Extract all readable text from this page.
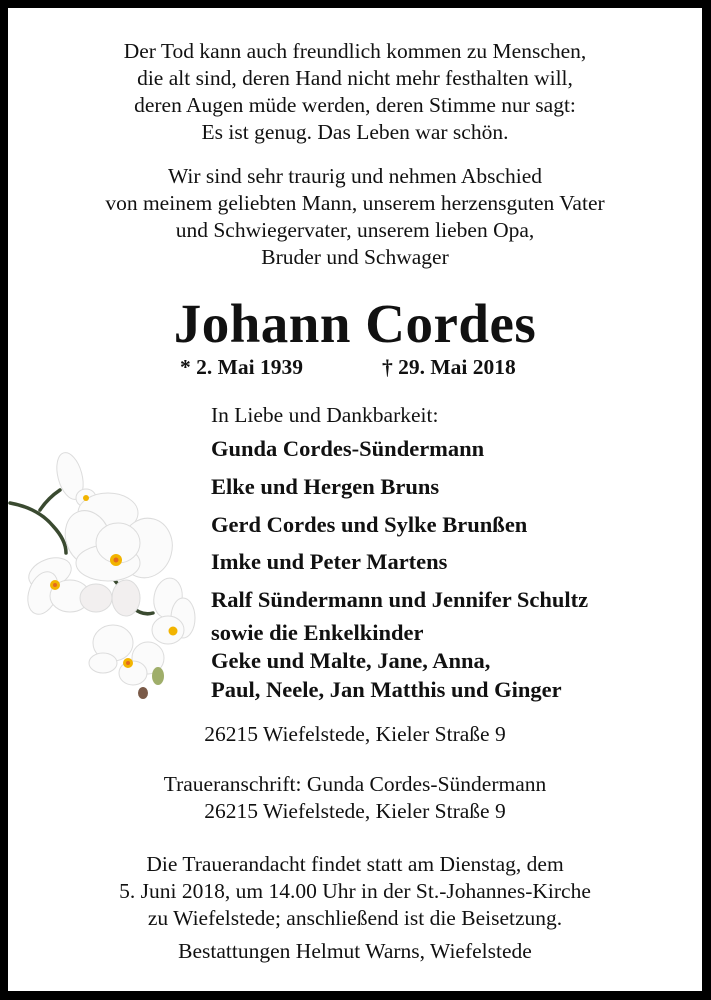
Der Tod kann auch freundlich kommen zu Menschen,
die alt sind, deren Hand nicht mehr festhalten will,
deren Augen müde werden, deren Stimme nur sagt:
Es ist genug. Das Leben war schön.
Wir sind sehr traurig und nehmen Abschied
von meinem geliebten Mann, unserem herzensguten Vater
und Schwiegervater, unserem lieben Opa,
Bruder und Schwager
Johann Cordes
* 2. Mai 1939	† 29. Mai 2018
In Liebe und Dankbarkeit:
Gunda Cordes-Sündermann
Elke und Hergen Bruns
Gerd Cordes und Sylke Brunßen
Imke und Peter Martens
Ralf Sündermann und Jennifer Schultz
sowie die Enkelkinder
Geke und Malte, Jane, Anna,
Paul, Neele, Jan Matthis und Ginger
26215 Wiefelstede, Kieler Straße 9
Traueranschrift: Gunda Cordes-Sündermann
26215 Wiefelstede, Kieler Straße 9
Die Trauerandacht findet statt am Dienstag, dem
5. Juni 2018, um 14.00 Uhr in der St.-Johannes-Kirche
zu Wiefelstede; anschließend ist die Beisetzung.
Bestattungen Helmut Warns, Wiefelstede
